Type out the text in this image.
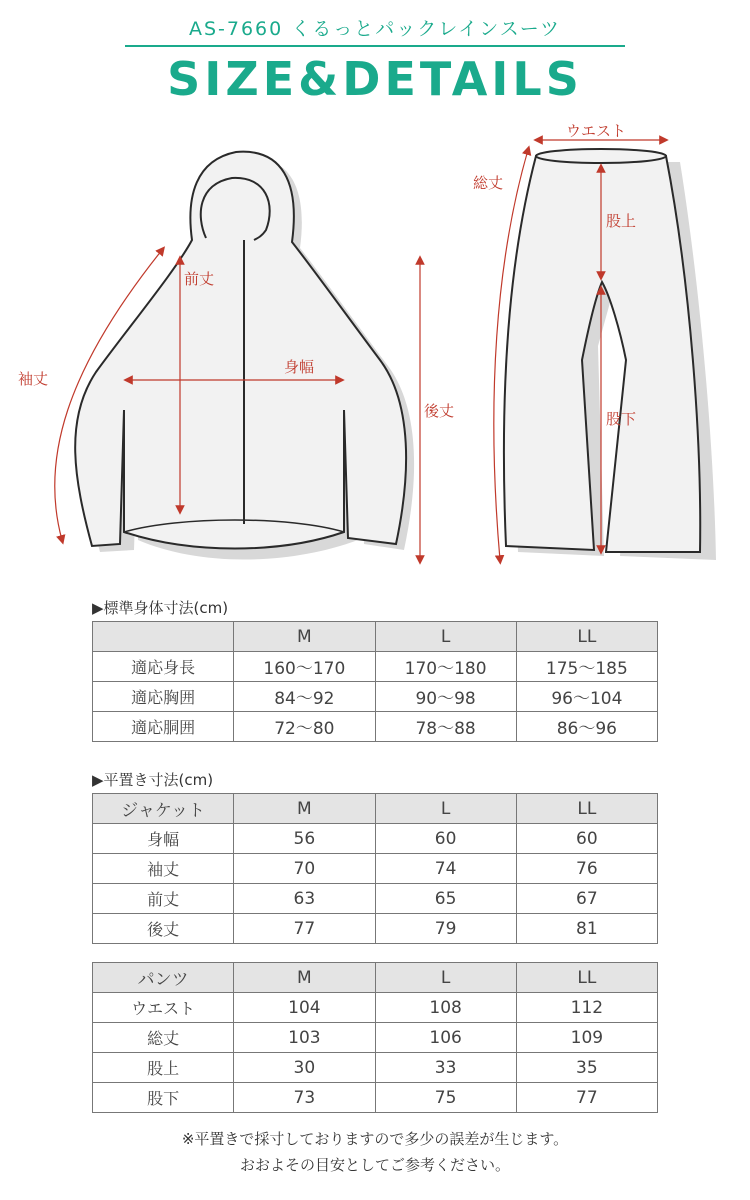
AS-7660 くるっとパックレインスーツ
SIZE&DETAILS
袖丈
前丈
身幅
後丈
ウエスト
総丈
股上
股下
▶標準身体寸法(cm)
	M	L	LL
適応身長	160〜170	170〜180	175〜185
適応胸囲	84〜92	90〜98	96〜104
適応胴囲	72〜80	78〜88	86〜96
▶平置き寸法(cm)
ジャケット	M	L	LL
身幅	56	60	60
袖丈	70	74	76
前丈	63	65	67
後丈	77	79	81
パンツ	M	L	LL
ウエスト	104	108	112
総丈	103	106	109
股上	30	33	35
股下	73	75	77
※平置きで採寸しておりますので多少の誤差が生じます。
おおよその目安としてご参考ください。
